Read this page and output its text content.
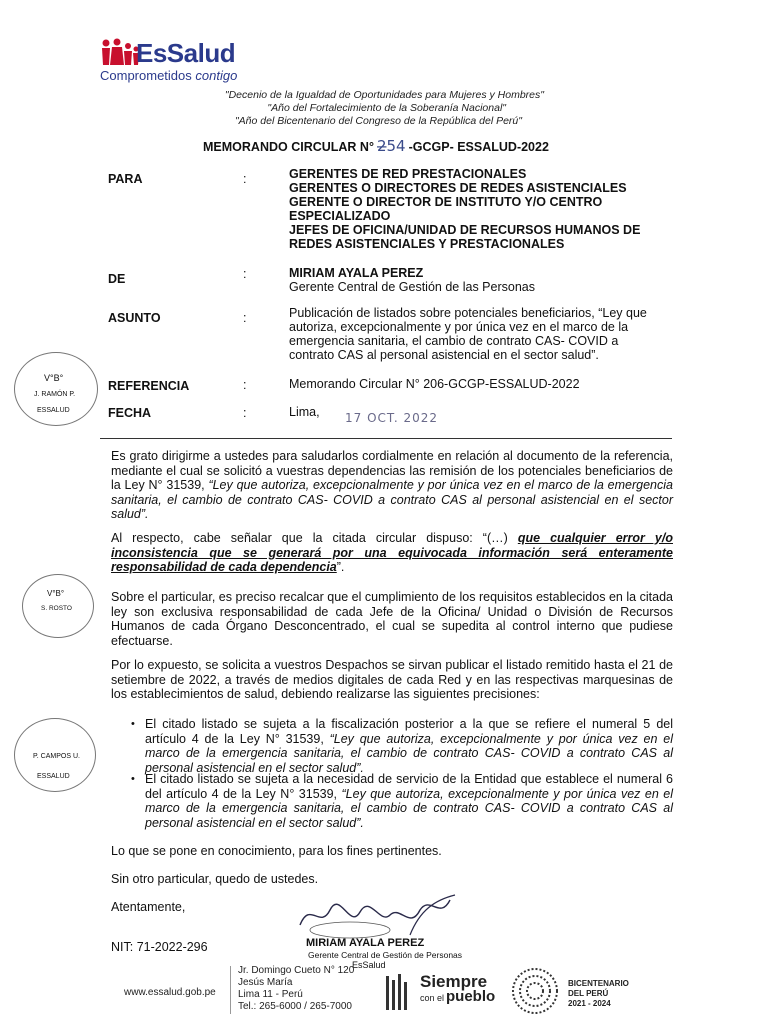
EsSalud
Comprometidos contigo
"Decenio de la Igualdad de Oportunidades para Mujeres y Hombres"
"Año del Fortalecimiento de la Soberanía Nacional"
"Año del Bicentenario del Congreso de la República del Perú"
MEMORANDO CIRCULAR N° 2̶54 -GCGP- ESSALUD-2022
PARA	:	GERENTES DE RED PRESTACIONALES
GERENTES O DIRECTORES DE REDES ASISTENCIALES
GERENTE O DIRECTOR DE INSTITUTO Y/O CENTRO
ESPECIALIZADO
JEFES DE OFICINA/UNIDAD DE RECURSOS HUMANOS DE
REDES ASISTENCIALES Y PRESTACIONALES
DE	:	MIRIAM AYALA PEREZ
Gerente Central de Gestión de las Personas
ASUNTO	:	Publicación de listados sobre potenciales beneficiarios, “Ley que
autoriza, excepcionalmente y por única vez en el marco de la
emergencia sanitaria, el cambio de contrato CAS- COVID a
contrato CAS al personal asistencial en el sector salud”.
REFERENCIA	:	Memorando Circular N° 206-GCGP-ESSALUD-2022
FECHA	:	Lima,	17 OCT. 2022
Es grato dirigirme a ustedes para saludarlos cordialmente en relación al documento de la referencia, mediante el cual se solicitó a vuestras dependencias las remisión de los potenciales beneficiarios de la Ley N° 31539, “Ley que autoriza, excepcionalmente y por única vez en el marco de la emergencia sanitaria, el cambio de contrato CAS- COVID a contrato CAS al personal asistencial en el sector salud”.
Al respecto, cabe señalar que la citada circular dispuso: “(…) que cualquier error y/o inconsistencia que se generará por una equivocada información será enteramente responsabilidad de cada dependencia”.
Sobre el particular, es preciso recalcar que el cumplimiento de los requisitos establecidos en la citada ley son exclusiva responsabilidad de cada Jefe de la Oficina/ Unidad o División de Recursos Humanos de cada Órgano Desconcentrado, el cual se supedita al control interno que pudiese efectuarse.
Por lo expuesto, se solicita a vuestros Despachos se sirvan publicar el listado remitido hasta el 21 de setiembre de 2022, a través de medios digitales de cada Red y en las respectivas marquesinas de los establecimientos de salud, debiendo realizarse las siguientes precisiones:
• El citado listado se sujeta a la fiscalización posterior a la que se refiere el numeral 5 del artículo 4 de la Ley N° 31539, “Ley que autoriza, excepcionalmente y por única vez en el marco de la emergencia sanitaria, el cambio de contrato CAS- COVID a contrato CAS al personal asistencial en el sector salud”.
• El citado listado se sujeta a la necesidad de servicio de la Entidad que establece el numeral 6 del artículo 4 de la Ley N° 31539, “Ley que autoriza, excepcionalmente y por única vez en el marco de la emergencia sanitaria, el cambio de contrato CAS- COVID a contrato CAS al personal asistencial en el sector salud”.
Lo que se pone en conocimiento, para los fines pertinentes.
Sin otro particular, quedo de ustedes.
Atentamente,
NIT: 71-2022-296	MIRIAM AYALA PEREZ
Gerente Central de Gestión de Personas
EsSalud
V°B°
J. RAMÓN P.
ESSALUD
V°B°
S. ROSTO
P. CAMPOS U.
ESSALUD
www.essalud.gob.pe
Jr. Domingo Cueto N° 120
Jesús María
Lima 11 - Perú
Tel.: 265-6000 / 265-7000
Siempre
con el pueblo
BICENTENARIO
DEL PERÚ
2021 - 2024
